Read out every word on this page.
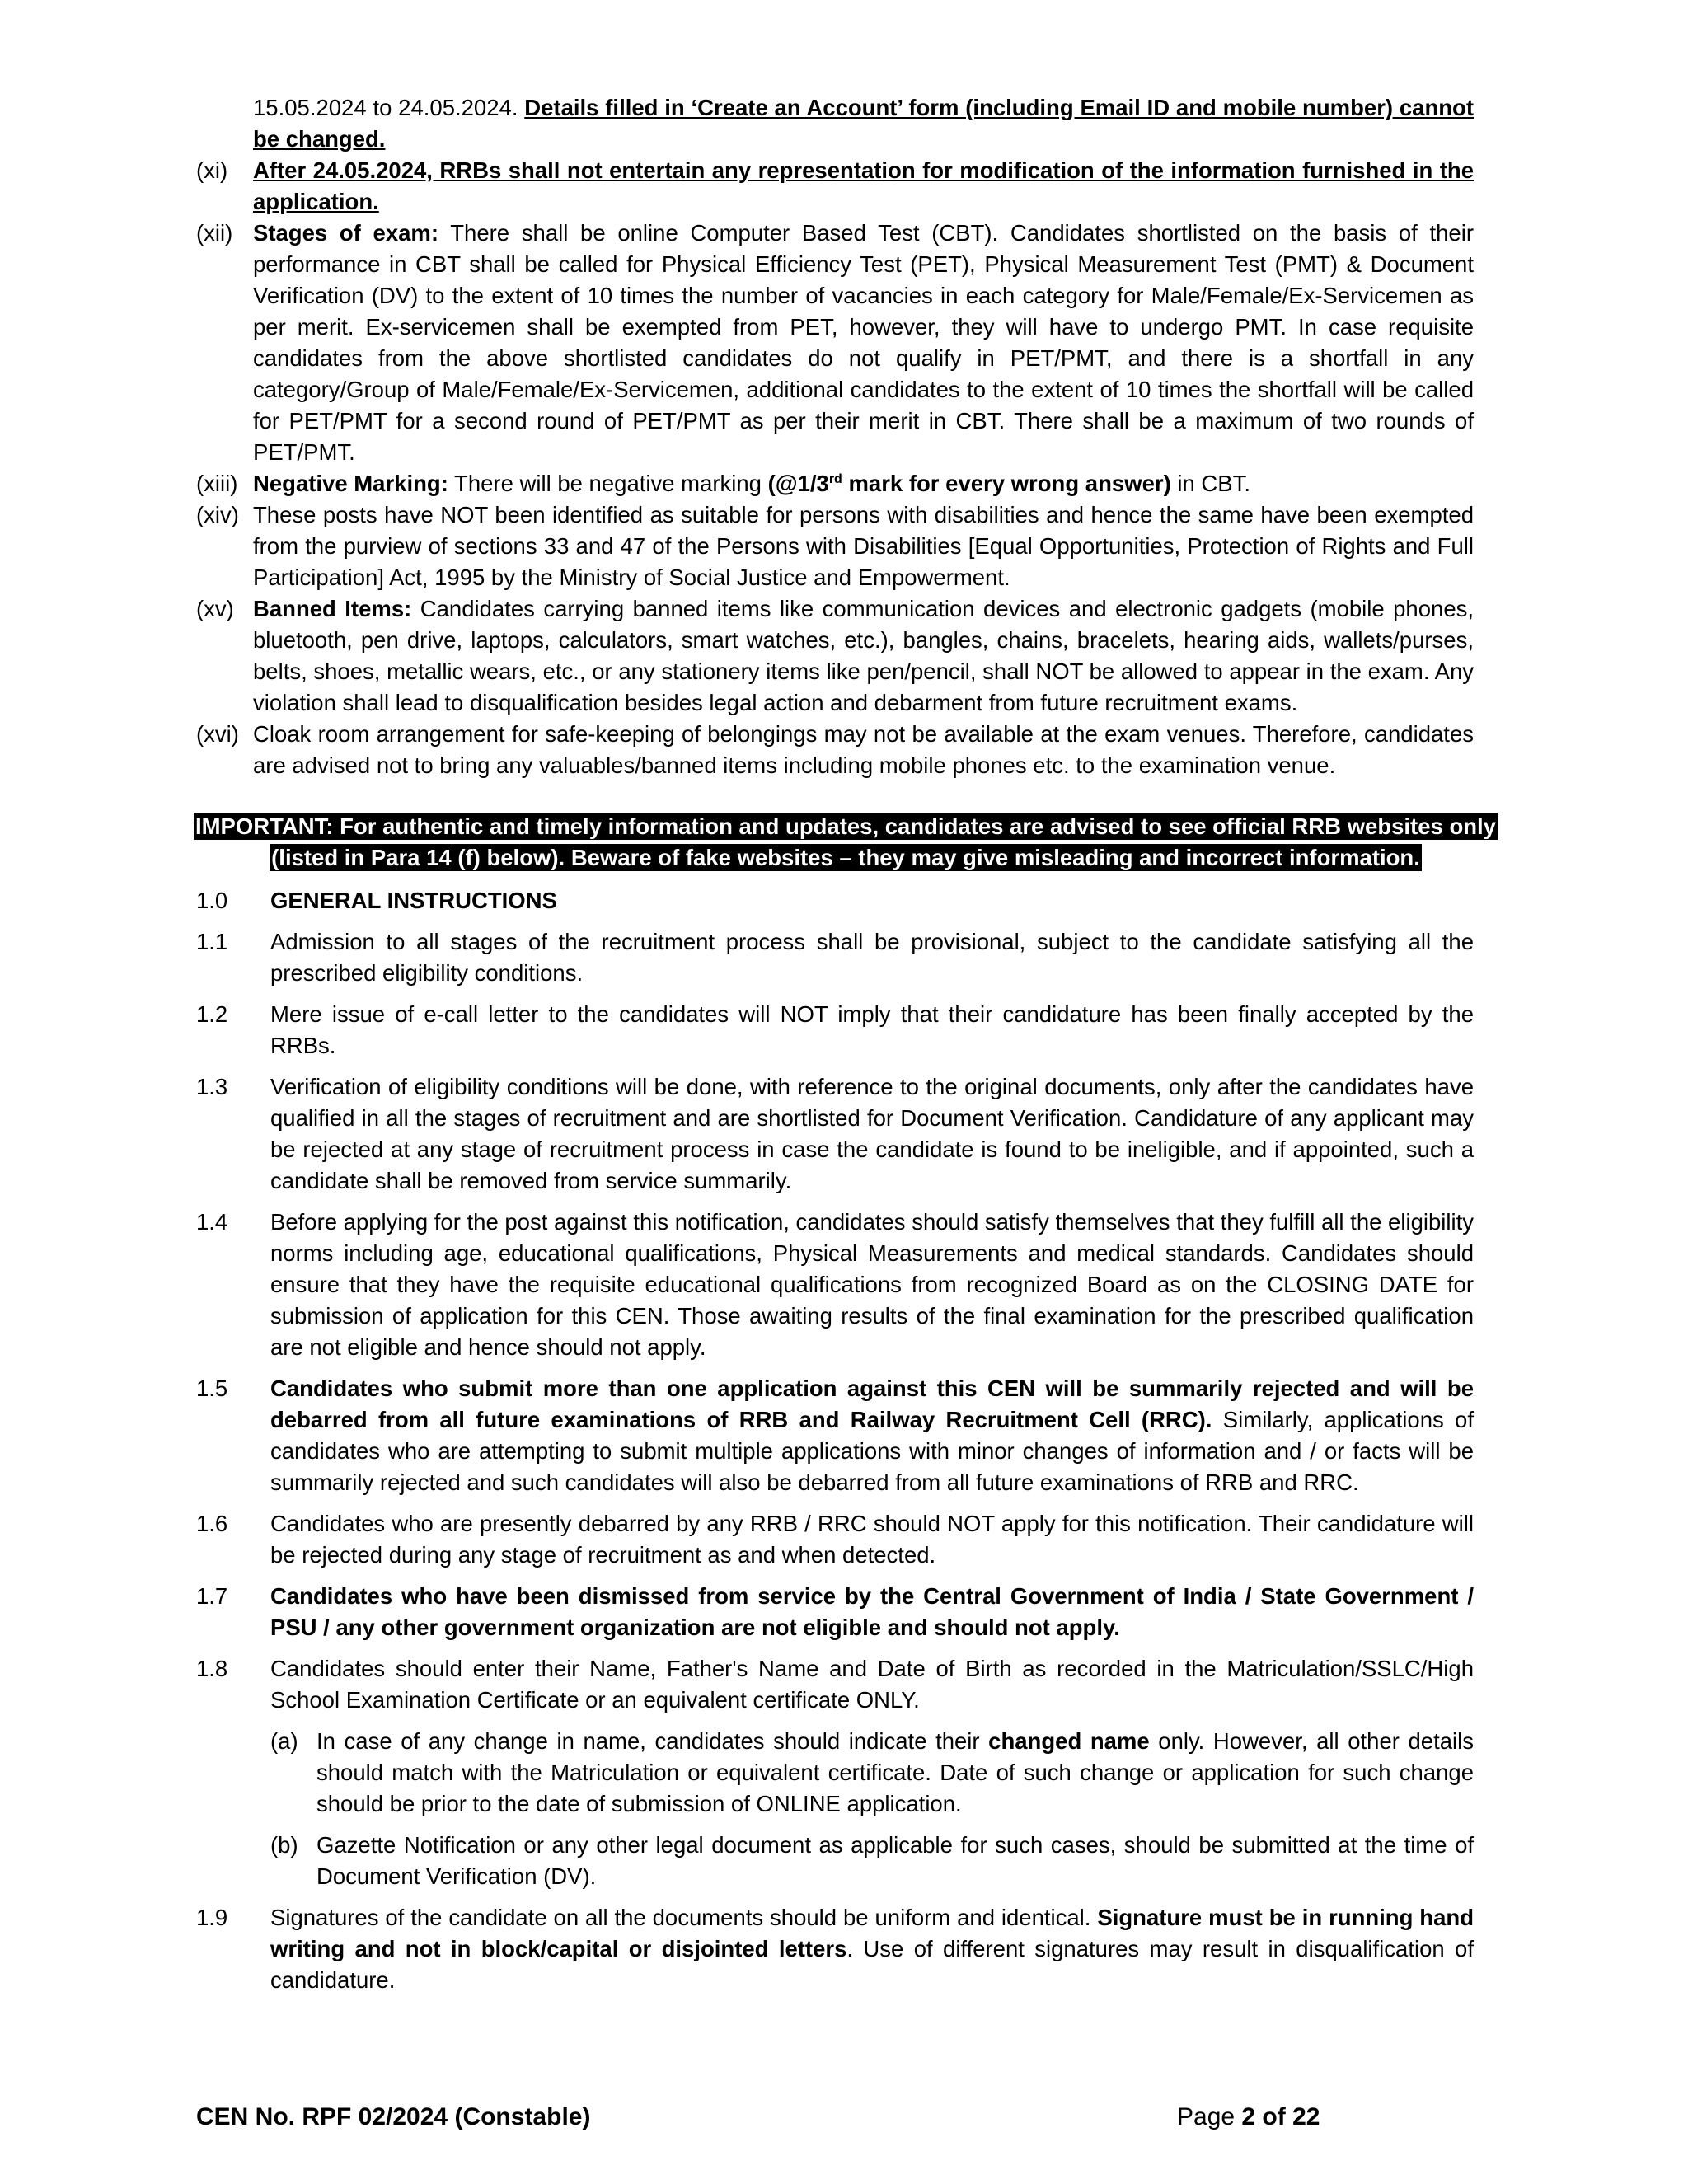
15.05.2024 to 24.05.2024. Details filled in ‘Create an Account’ form (including Email ID and mobile number) cannot be changed.
(xi)	After 24.05.2024, RRBs shall not entertain any representation for modification of the information furnished in the application.
(xii) Stages of exam: There shall be online Computer Based Test (CBT). Candidates shortlisted on the basis of their performance in CBT shall be called for Physical Efficiency Test (PET), Physical Measurement Test (PMT) & Document Verification (DV) to the extent of 10 times the number of vacancies in each category for Male/Female/Ex-Servicemen as per merit. Ex-servicemen shall be exempted from PET, however, they will have to undergo PMT. In case requisite candidates from the above shortlisted candidates do not qualify in PET/PMT, and there is a shortfall in any category/Group of Male/Female/Ex-Servicemen, additional candidates to the extent of 10 times the shortfall will be called for PET/PMT for a second round of PET/PMT as per their merit in CBT. There shall be a maximum of two rounds of PET/PMT.
(xiii) Negative Marking: There will be negative marking (@1/3rd mark for every wrong answer) in CBT.
(xiv) These posts have NOT been identified as suitable for persons with disabilities and hence the same have been exempted from the purview of sections 33 and 47 of the Persons with Disabilities [Equal Opportunities, Protection of Rights and Full Participation] Act, 1995 by the Ministry of Social Justice and Empowerment.
(xv) Banned Items: Candidates carrying banned items like communication devices and electronic gadgets (mobile phones, bluetooth, pen drive, laptops, calculators, smart watches, etc.), bangles, chains, bracelets, hearing aids, wallets/purses, belts, shoes, metallic wears, etc., or any stationery items like pen/pencil, shall NOT be allowed to appear in the exam. Any violation shall lead to disqualification besides legal action and debarment from future recruitment exams.
(xvi) Cloak room arrangement for safe-keeping of belongings may not be available at the exam venues. Therefore, candidates are advised not to bring any valuables/banned items including mobile phones etc. to the examination venue.
IMPORTANT: For authentic and timely information and updates, candidates are advised to see official RRB websites only
(listed in Para 14 (f) below). Beware of fake websites – they may give misleading and incorrect information.
1.0	GENERAL INSTRUCTIONS
1.1	Admission to all stages of the recruitment process shall be provisional, subject to the candidate satisfying all the prescribed eligibility conditions.
1.2	Mere issue of e-call letter to the candidates will NOT imply that their candidature has been finally accepted by the RRBs.
1.3	Verification of eligibility conditions will be done, with reference to the original documents, only after the candidates have qualified in all the stages of recruitment and are shortlisted for Document Verification. Candidature of any applicant may be rejected at any stage of recruitment process in case the candidate is found to be ineligible, and if appointed, such a candidate shall be removed from service summarily.
1.4	Before applying for the post against this notification, candidates should satisfy themselves that they fulfill all the eligibility norms including age, educational qualifications, Physical Measurements and medical standards. Candidates should ensure that they have the requisite educational qualifications from recognized Board as on the CLOSING DATE for submission of application for this CEN. Those awaiting results of the final examination for the prescribed qualification are not eligible and hence should not apply.
1.5	Candidates who submit more than one application against this CEN will be summarily rejected and will be debarred from all future examinations of RRB and Railway Recruitment Cell (RRC). Similarly, applications of candidates who are attempting to submit multiple applications with minor changes of information and / or facts will be summarily rejected and such candidates will also be debarred from all future examinations of RRB and RRC.
1.6	Candidates who are presently debarred by any RRB / RRC should NOT apply for this notification. Their candidature will be rejected during any stage of recruitment as and when detected.
1.7	Candidates who have been dismissed from service by the Central Government of India / State Government / PSU / any other government organization are not eligible and should not apply.
1.8	Candidates should enter their Name, Father's Name and Date of Birth as recorded in the Matriculation/SSLC/High School Examination Certificate or an equivalent certificate ONLY.
(a) In case of any change in name, candidates should indicate their changed name only. However, all other details should match with the Matriculation or equivalent certificate. Date of such change or application for such change should be prior to the date of submission of ONLINE application.
(b) Gazette Notification or any other legal document as applicable for such cases, should be submitted at the time of Document Verification (DV).
1.9	Signatures of the candidate on all the documents should be uniform and identical. Signature must be in running hand writing and not in block/capital or disjointed letters. Use of different signatures may result in disqualification of candidature.
CEN No. RPF 02/2024 (Constable)	Page 2 of 22
